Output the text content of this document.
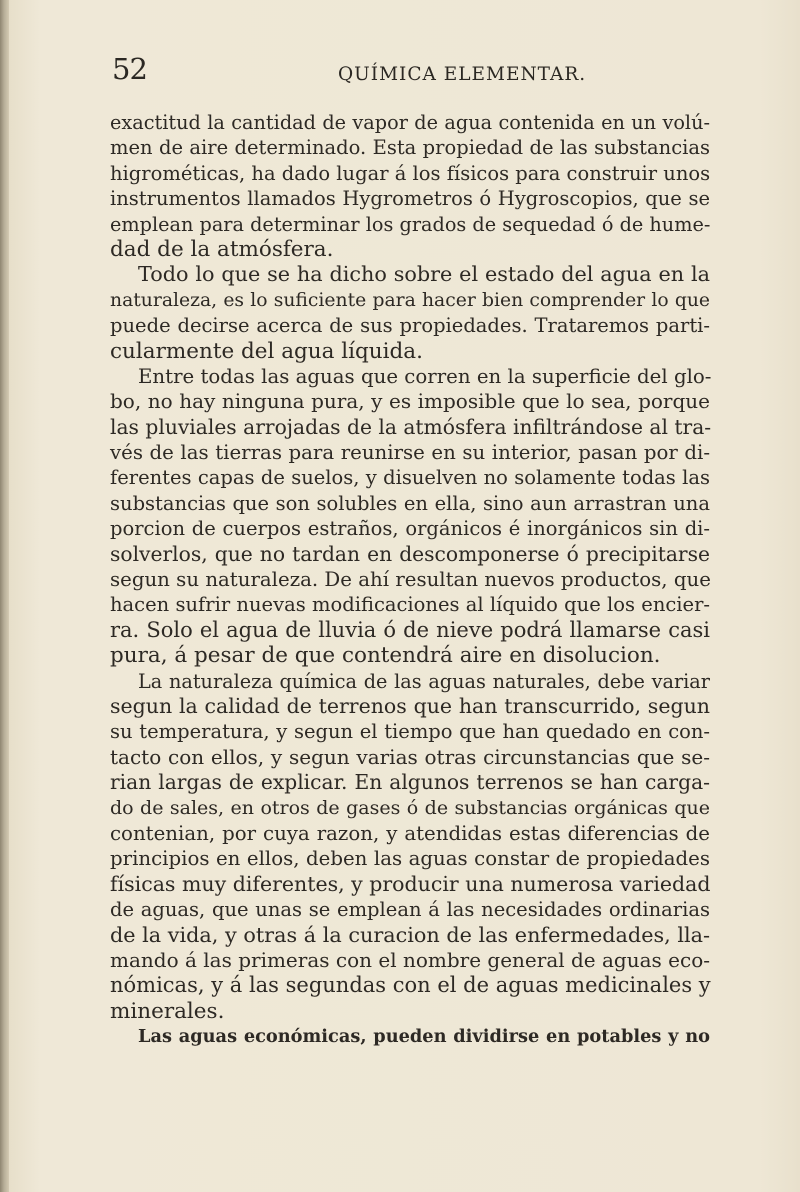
52	QUÍMICA ELEMENTAR.
exactitud la cantidad de vapor de agua contenida en un volú-
men de aire determinado. Esta propiedad de las substancias
higrométicas, ha dado lugar á los físicos para construir unos
instrumentos llamados Hygrometros ó Hygroscopios, que se
emplean para determinar los grados de sequedad ó de hume-
dad de la atmósfera.
Todo lo que se ha dicho sobre el estado del agua en la
naturaleza, es lo suficiente para hacer bien comprender lo que
puede decirse acerca de sus propiedades. Trataremos parti-
cularmente del agua líquida.
Entre todas las aguas que corren en la superficie del glo-
bo, no hay ninguna pura, y es imposible que lo sea, porque
las pluviales arrojadas de la atmósfera infiltrándose al tra-
vés de las tierras para reunirse en su interior, pasan por di-
ferentes capas de suelos, y disuelven no solamente todas las
substancias que son solubles en ella, sino aun arrastran una
porcion de cuerpos estraños, orgánicos é inorgánicos sin di-
solverlos, que no tardan en descomponerse ó precipitarse
segun su naturaleza. De ahí resultan nuevos productos, que
hacen sufrir nuevas modificaciones al líquido que los encier-
ra. Solo el agua de lluvia ó de nieve podrá llamarse casi
pura, á pesar de que contendrá aire en disolucion.
La naturaleza química de las aguas naturales, debe variar
segun la calidad de terrenos que han transcurrido, segun
su temperatura, y segun el tiempo que han quedado en con-
tacto con ellos, y segun varias otras circunstancias que se-
rian largas de explicar. En algunos terrenos se han carga-
do de sales, en otros de gases ó de substancias orgánicas que
contenian, por cuya razon, y atendidas estas diferencias de
principios en ellos, deben las aguas constar de propiedades
físicas muy diferentes, y producir una numerosa variedad
de aguas, que unas se emplean á las necesidades ordinarias
de la vida, y otras á la curacion de las enfermedades, lla-
mando á las primeras con el nombre general de aguas eco-
nómicas, y á las segundas con el de aguas medicinales y
minerales.
Las aguas económicas, pueden dividirse en potables y no
